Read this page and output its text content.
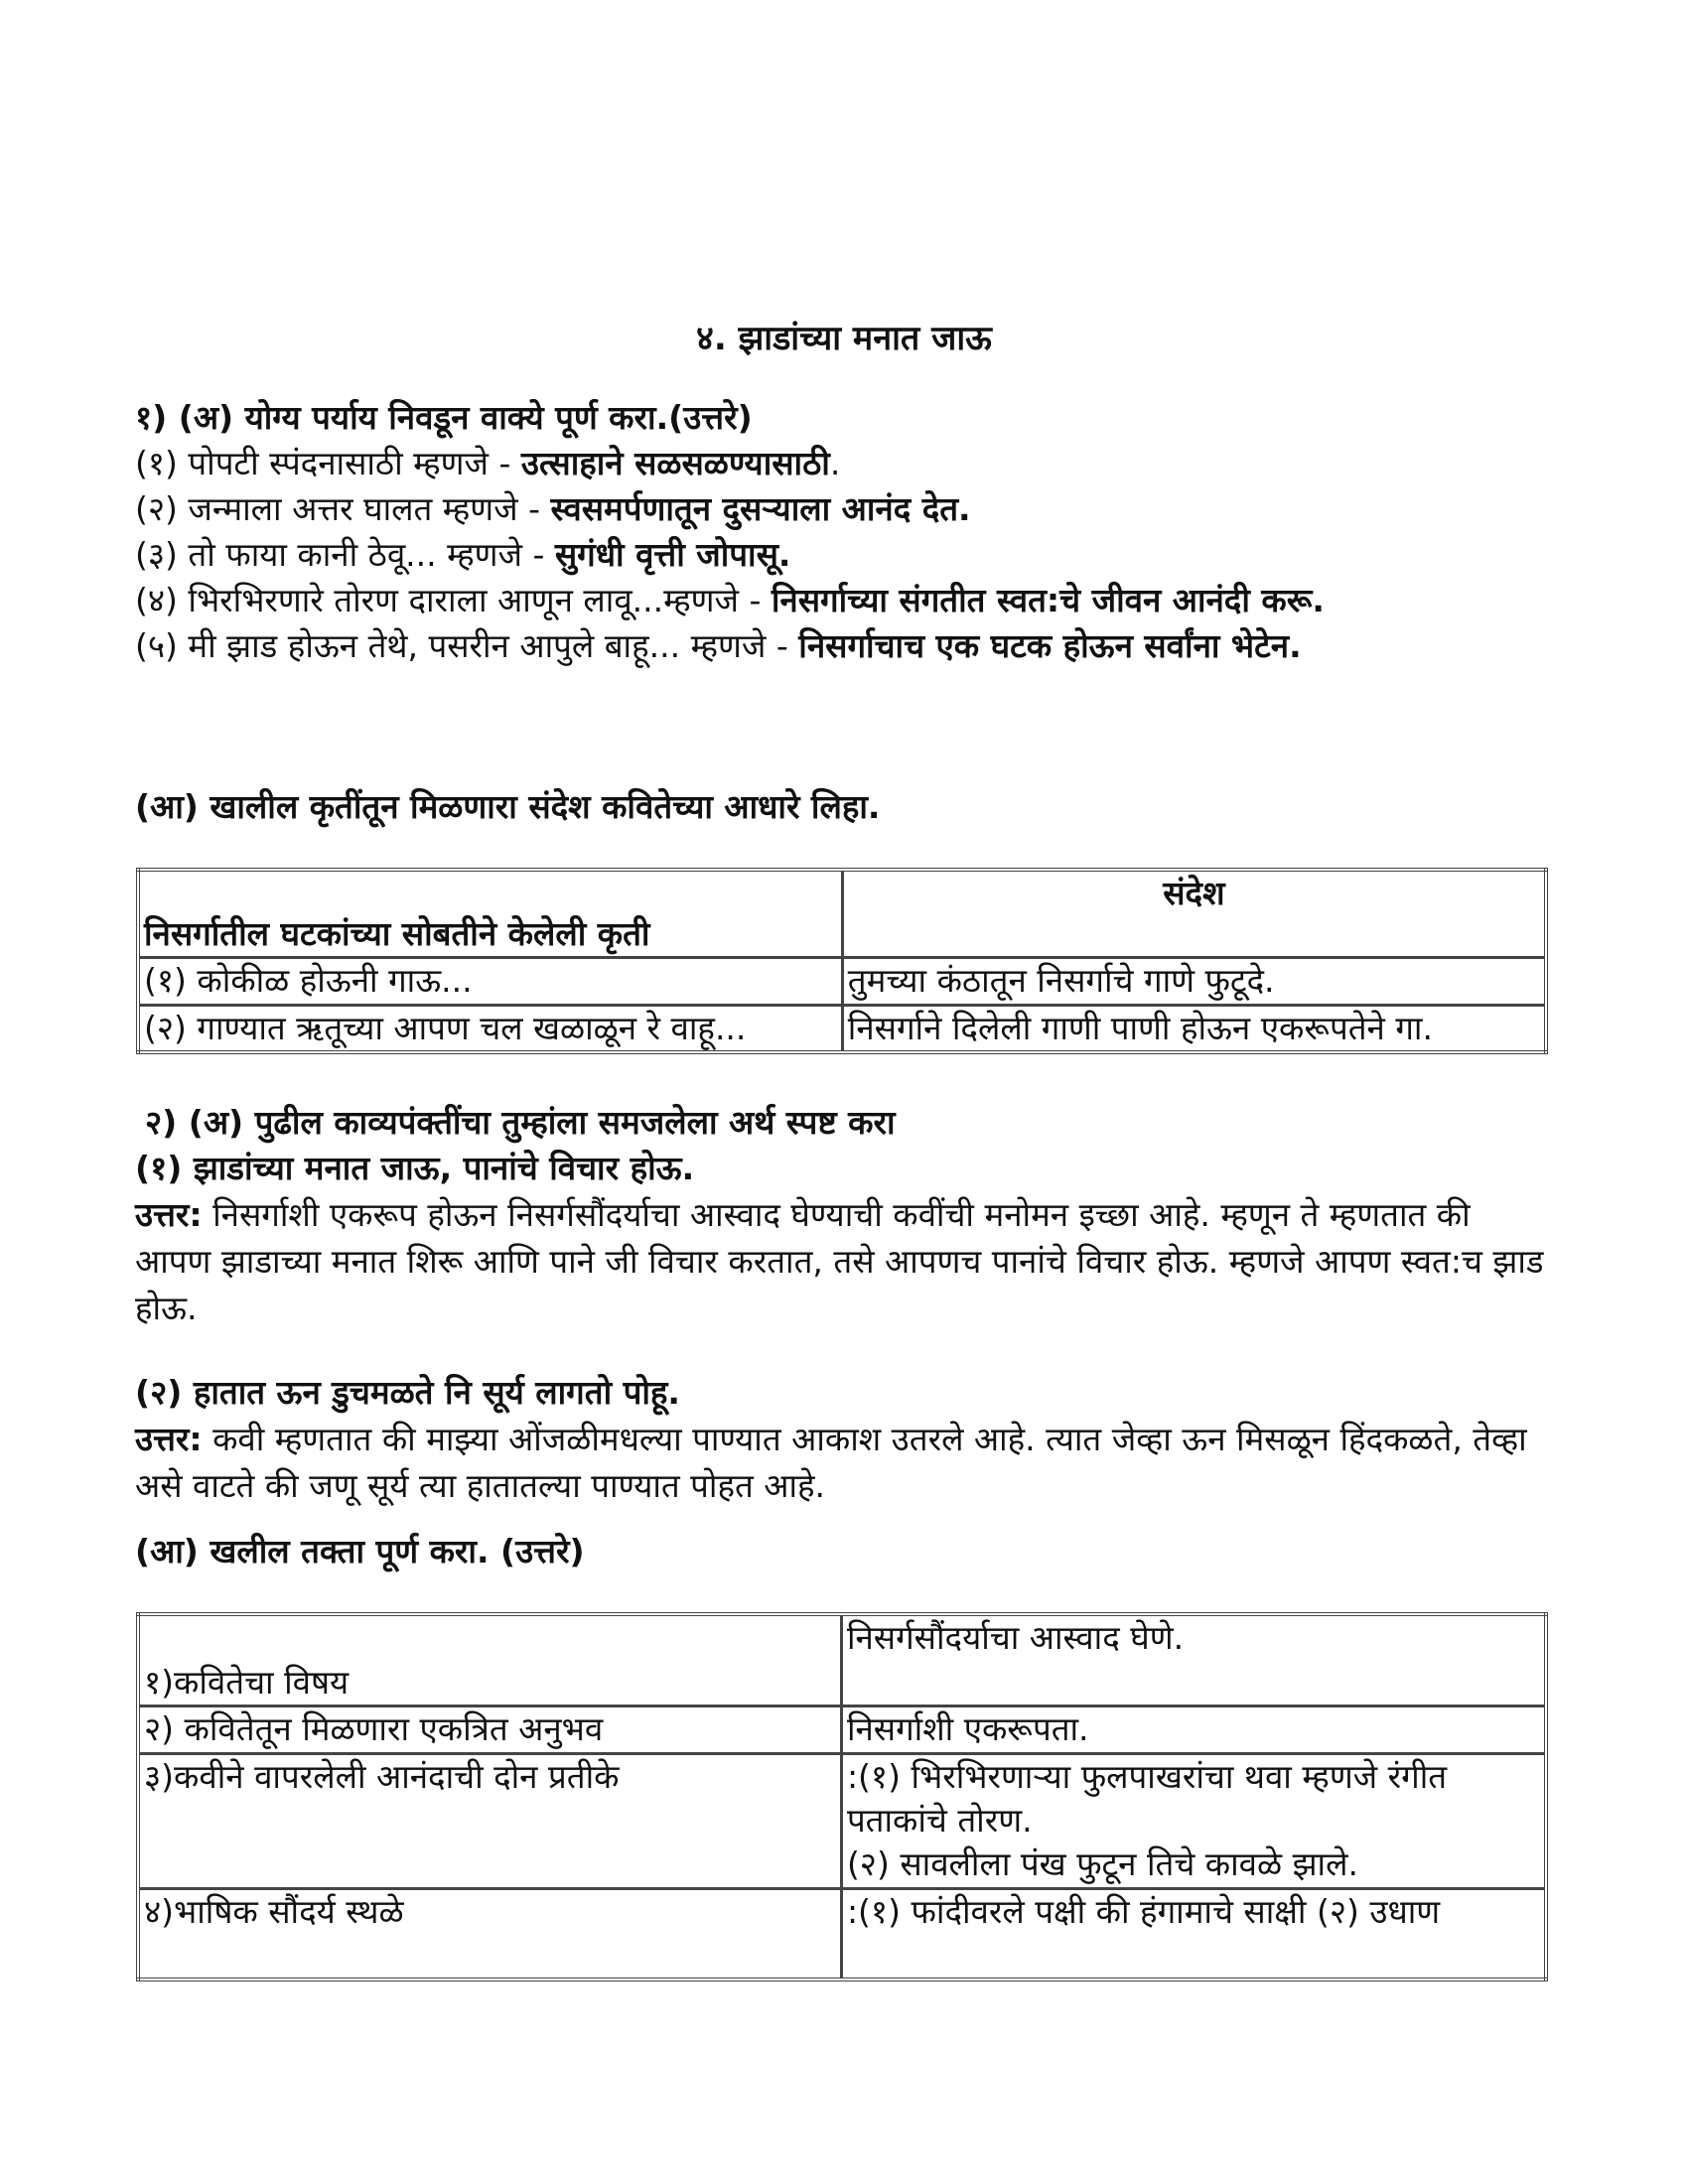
४. झाडांच्या मनात जाऊ
१) (अ) योग्य पर्याय निवडून वाक्ये पूर्ण करा.(उत्तरे)
(१) पोपटी स्पंदनासाठी म्हणजे - उत्साहाने सळसळण्यासाठी.
(२) जन्माला अत्तर घालत म्हणजे - स्वसमर्पणातून दुसऱ्याला आनंद देत.
(३) तो फाया कानी ठेवू... म्हणजे - सुगंधी वृत्ती जोपासू.
(४) भिरभिरणारे तोरण दाराला आणून लावू...म्हणजे - निसर्गाच्या संगतीत स्वत:चे जीवन आनंदी करू.
(५) मी झाड होऊन तेथे, पसरीन आपुले बाहू... म्हणजे - निसर्गाचाच एक घटक होऊन सर्वांना भेटेन.
(आ) खालील कृतींतून मिळणारा संदेश कवितेच्या आधारे लिहा.
निसर्गातील घटकांच्या सोबतीने केलेली कृती	संदेश
(१) कोकीळ होऊनी गाऊ...	तुमच्या कंठातून निसर्गाचे गाणे फुटूदे.
(२) गाण्यात ऋतूच्या आपण चल खळाळून रे वाहू...	निसर्गाने दिलेली गाणी पाणी होऊन एकरूपतेने गा.
२) (अ) पुढील काव्यपंक्तींचा तुम्हांला समजलेला अर्थ स्पष्ट करा
(१) झाडांच्या मनात जाऊ, पानांचे विचार होऊ.
उत्तर: निसर्गाशी एकरूप होऊन निसर्गसौंदर्याचा आस्वाद घेण्याची कवींची मनोमन इच्छा आहे. म्हणून ते म्हणतात की आपण झाडाच्या मनात शिरू आणि पाने जी विचार करतात, तसे आपणच पानांचे विचार होऊ. म्हणजे आपण स्वत:च झाड होऊ.
(२) हातात ऊन डुचमळते नि सूर्य लागतो पोहू.
उत्तर: कवी म्हणतात की माझ्या ओंजळीमधल्या पाण्यात आकाश उतरले आहे. त्यात जेव्हा ऊन मिसळून हिंदकळते, तेव्हा असे वाटते की जणू सूर्य त्या हातातल्या पाण्यात पोहत आहे.
(आ) खलील तक्ता पूर्ण करा. (उत्तरे)
१)कवितेचा विषय	निसर्गसौंदर्याचा आस्वाद घेणे.
२) कवितेतून मिळणारा एकत्रित अनुभव	निसर्गाशी एकरूपता.
३)कवीने वापरलेली आनंदाची दोन प्रतीके	:(१) भिरभिरणाऱ्या फुलपाखरांचा थवा म्हणजे रंगीत पताकांचे तोरण.
(२) सावलीला पंख फुटून तिचे कावळे झाले.

४)भाषिक सौंदर्य स्थळे	:(१) फांदीवरले पक्षी की हंगामाचे साक्षी (२) उधाण
